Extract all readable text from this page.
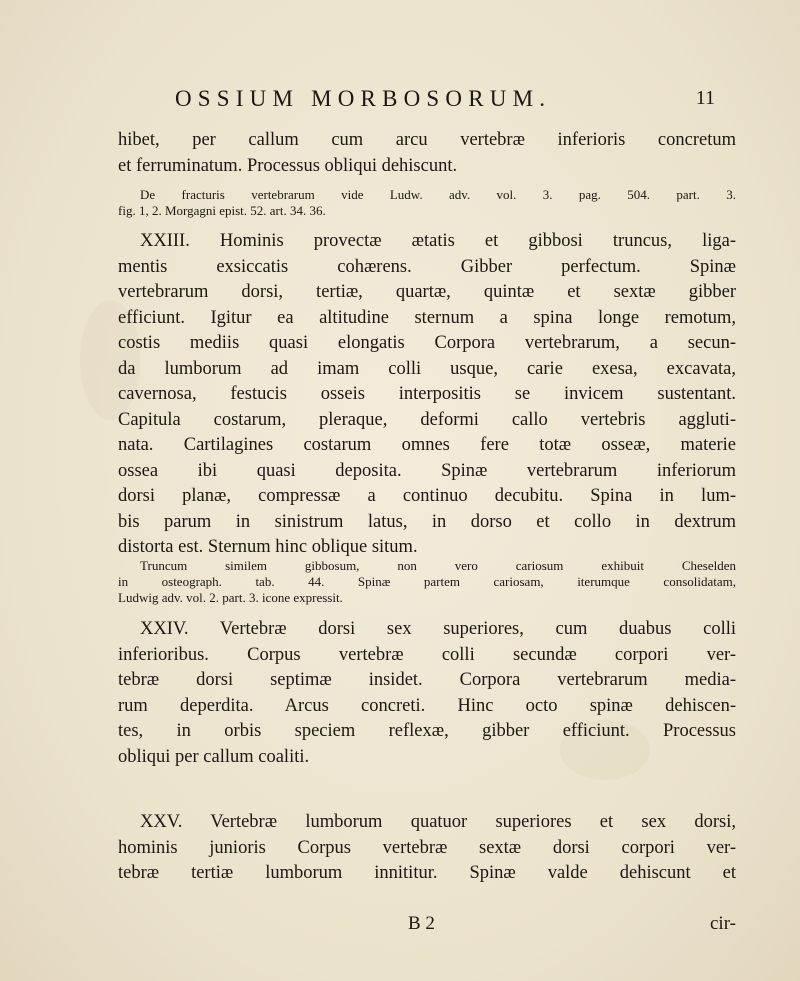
OSSIUM MORBOSORUM.	11
hibet, per callum cum arcu vertebræ inferioris concretum
et ferruminatum. Processus obliqui dehiscunt.
De fracturis vertebrarum vide Ludw. adv. vol. 3. pag. 504. part. 3.
fig. 1, 2. Morgagni epist. 52. art. 34. 36.
XXIII. Hominis provectæ ætatis et gibbosi truncus, liga-
mentis exsiccatis cohærens. Gibber perfectum. Spinæ
vertebrarum dorsi, tertiæ, quartæ, quintæ et sextæ gibber
efficiunt. Igitur ea altitudine sternum a spina longe remotum,
costis mediis quasi elongatis Corpora vertebrarum, a secun-
da lumborum ad imam colli usque, carie exesa, excavata,
cavernosa, festucis osseis interpositis se invicem sustentant.
Capitula costarum, pleraque, deformi callo vertebris aggluti-
nata. Cartilagines costarum omnes fere totæ osseæ, materie
ossea ibi quasi deposita. Spinæ vertebrarum inferiorum
dorsi planæ, compressæ a continuo decubitu. Spina in lum-
bis parum in sinistrum latus, in dorso et collo in dextrum
distorta est. Sternum hinc oblique situm.
Truncum similem gibbosum, non vero cariosum exhibuit Cheselden
in osteograph. tab. 44. Spinæ partem cariosam, iterumque consolidatam,
Ludwig adv. vol. 2. part. 3. icone expressit.
XXIV. Vertebræ dorsi sex superiores, cum duabus colli
inferioribus. Corpus vertebræ colli secundæ corpori ver-
tebræ dorsi septimæ insidet. Corpora vertebrarum media-
rum deperdita. Arcus concreti. Hinc octo spinæ dehiscen-
tes, in orbis speciem reflexæ, gibber efficiunt. Processus
obliqui per callum coaliti.
XXV. Vertebræ lumborum quatuor superiores et sex dorsi,
hominis junioris Corpus vertebræ sextæ dorsi corpori ver-
tebræ tertiæ lumborum innititur. Spinæ valde dehiscunt et
B 2	cir-
